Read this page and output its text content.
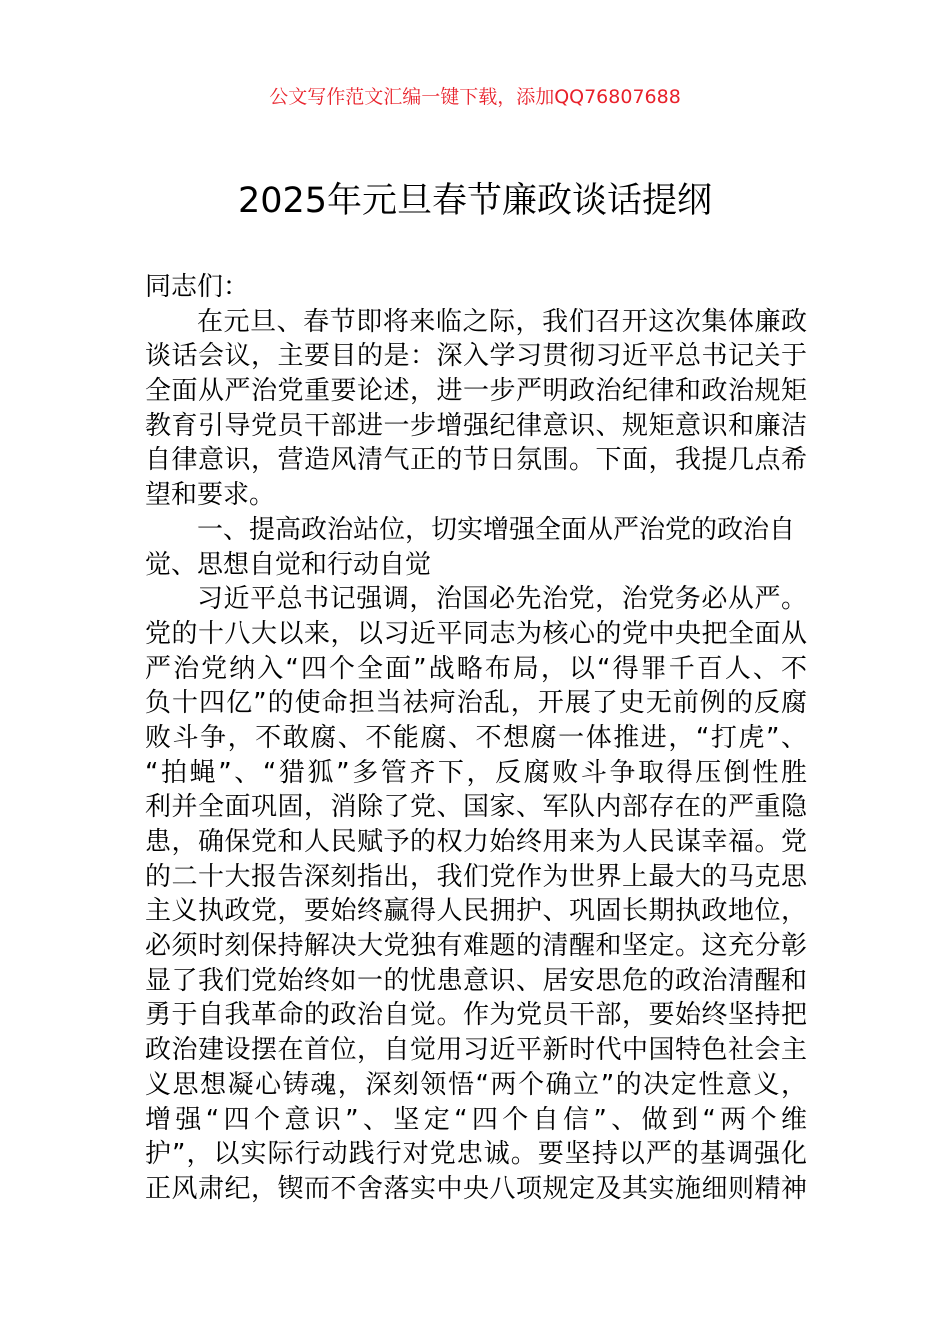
公文写作范文汇编一键下载，添加QQ76807688
2025年元旦春节廉政谈话提纲
同志们：
在元旦、春节即将来临之际，我们召开这次集体廉政
谈话会议，主要目的是：深入学习贯彻习近平总书记关于
全面从严治党重要论述，进一步严明政治纪律和政治规矩
教育引导党员干部进一步增强纪律意识、规矩意识和廉洁
自律意识，营造风清气正的节日氛围。下面，我提几点希
望和要求。
一、提高政治站位，切实增强全面从严治党的政治自
觉、思想自觉和行动自觉
习近平总书记强调，治国必先治党，治党务必从严。
党的十八大以来，以习近平同志为核心的党中央把全面从
严治党纳入“四个全面”战略布局，以“得罪千百人、不
负十四亿”的使命担当祛疴治乱，开展了史无前例的反腐
败斗争，不敢腐、不能腐、不想腐一体推进，“打虎”、
“拍蝇”、“猎狐”多管齐下，反腐败斗争取得压倒性胜
利并全面巩固，消除了党、国家、军队内部存在的严重隐
患，确保党和人民赋予的权力始终用来为人民谋幸福。党
的二十大报告深刻指出，我们党作为世界上最大的马克思
主义执政党，要始终赢得人民拥护、巩固长期执政地位，
必须时刻保持解决大党独有难题的清醒和坚定。这充分彰
显了我们党始终如一的忧患意识、居安思危的政治清醒和
勇于自我革命的政治自觉。作为党员干部，要始终坚持把
政治建设摆在首位，自觉用习近平新时代中国特色社会主
义思想凝心铸魂，深刻领悟“两个确立”的决定性意义，
增强“四个意识”、坚定“四个自信”、做到“两个维
护”，以实际行动践行对党忠诚。要坚持以严的基调强化
正风肃纪，锲而不舍落实中央八项规定及其实施细则精神
